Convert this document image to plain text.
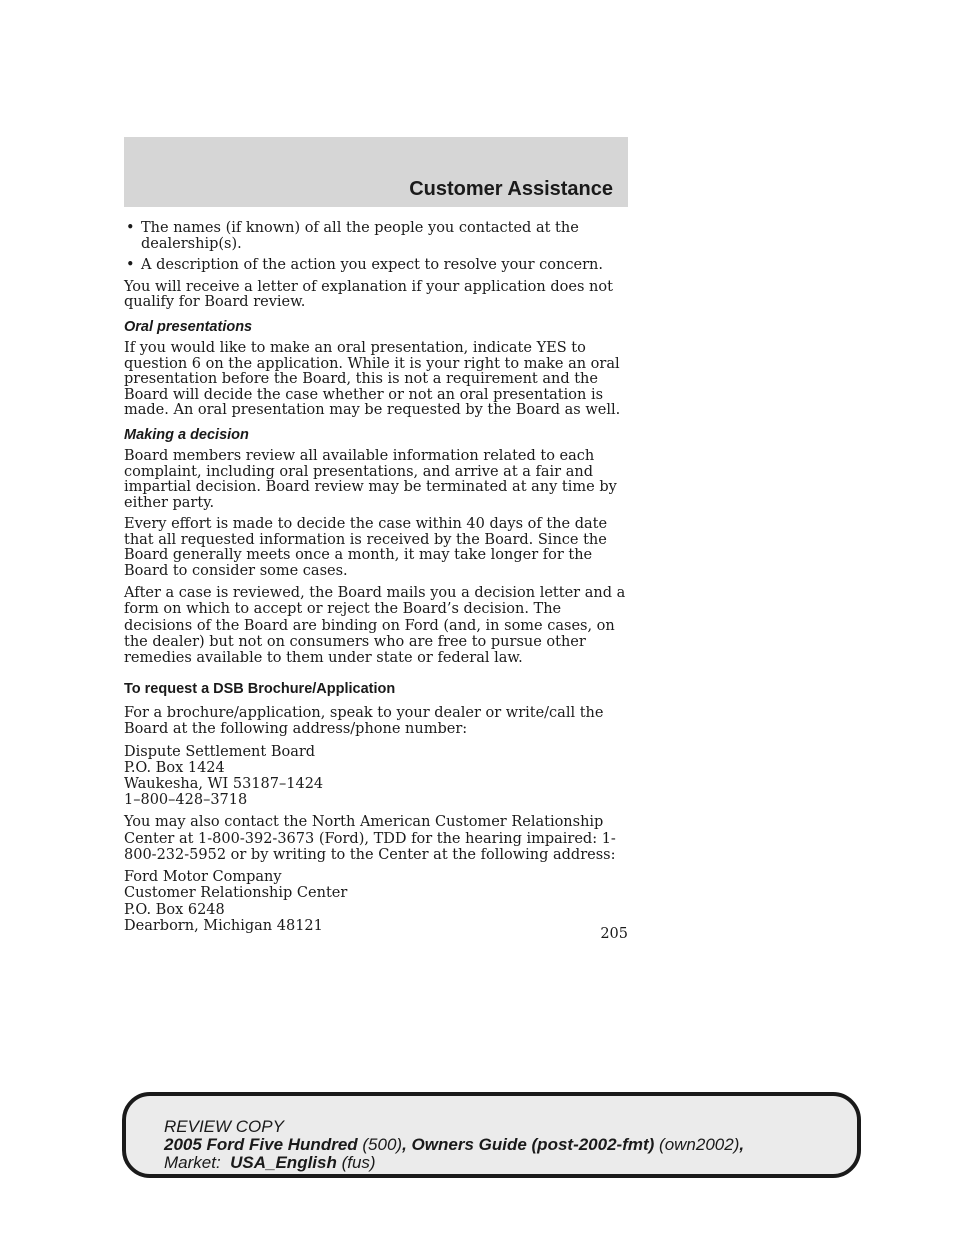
Customer Assistance
• The names (if known) of all the people you contacted at the dealership(s).
• A description of the action you expect to resolve your concern.

You will receive a letter of explanation if your application does not qualify for Board review.

Oral presentations

If you would like to make an oral presentation, indicate YES to question 6 on the application. While it is your right to make an oral presentation before the Board, this is not a requirement and the Board will decide the case whether or not an oral presentation is made. An oral presentation may be requested by the Board as well.

Making a decision

Board members review all available information related to each complaint, including oral presentations, and arrive at a fair and impartial decision. Board review may be terminated at any time by either party.

Every effort is made to decide the case within 40 days of the date that all requested information is received by the Board. Since the Board generally meets once a month, it may take longer for the Board to consider some cases.

After a case is reviewed, the Board mails you a decision letter and a form on which to accept or reject the Board’s decision. The decisions of the Board are binding on Ford (and, in some cases, on the dealer) but not on consumers who are free to pursue other remedies available to them under state or federal law.

To request a DSB Brochure/Application

For a brochure/application, speak to your dealer or write/call the Board at the following address/phone number:

Dispute Settlement Board
P.O. Box 1424
Waukesha, WI 53187–1424
1–800–428–3718

You may also contact the North American Customer Relationship Center at 1-800-392-3673 (Ford), TDD for the hearing impaired: 1-800-232-5952 or by writing to the Center at the following address:

Ford Motor Company
Customer Relationship Center
P.O. Box 6248
Dearborn, Michigan 48121
205
REVIEW COPY
2005 Ford Five Hundred (500), Owners Guide (post-2002-fmt) (own2002),
Market:  USA_English (fus)
